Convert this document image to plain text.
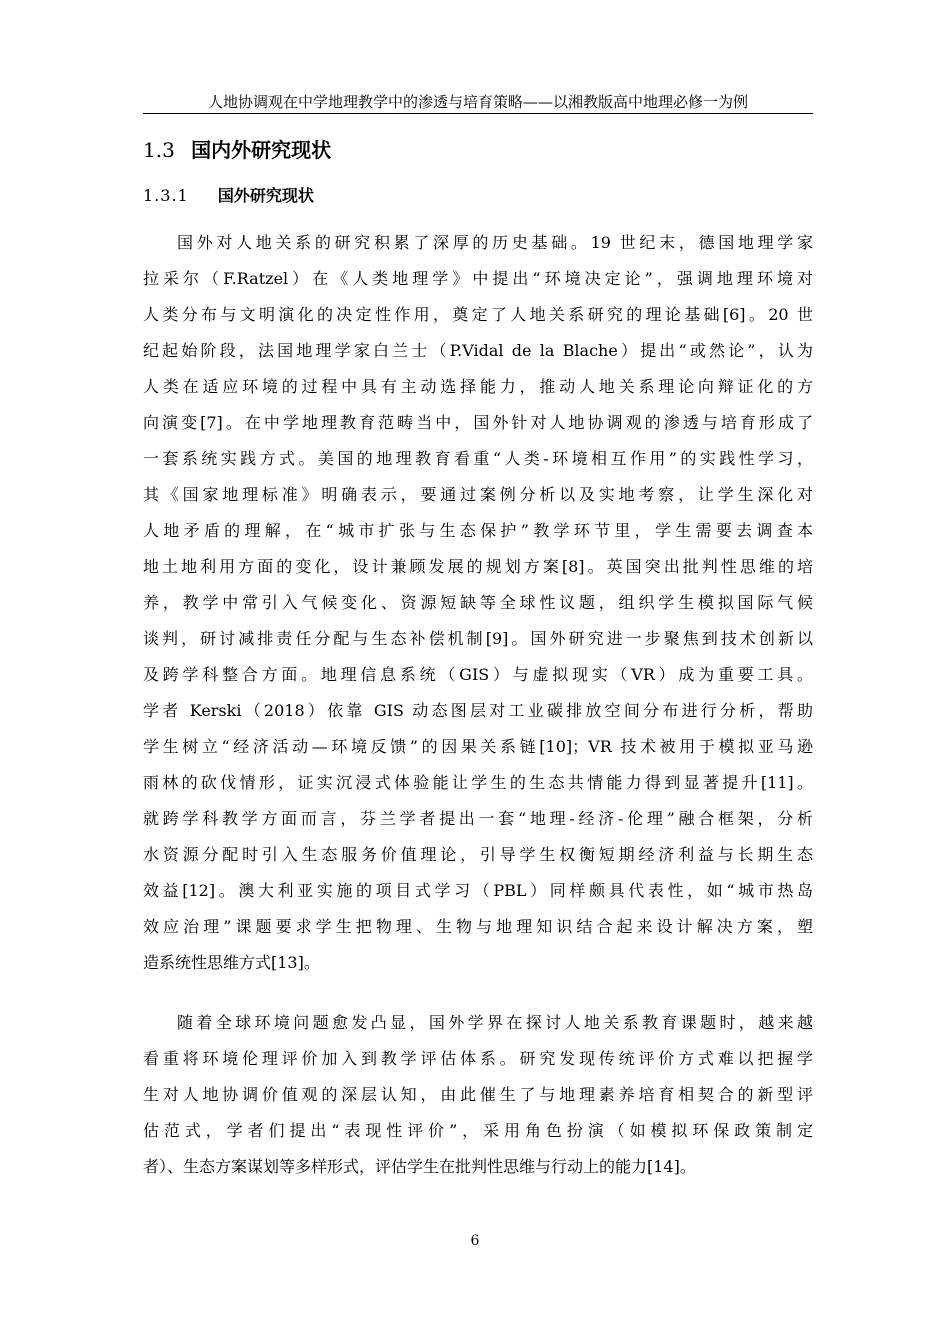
人地协调观在中学地理教学中的渗透与培育策略——以湘教版高中地理必修一为例
1.3 国内外研究现状
1.3.1 国外研究现状
国外对人地关系的研究积累了深厚的历史基础。19 世纪末，德国地理学家
拉采尔（F.Ratzel）在《人类地理学》中提出“环境决定论”，强调地理环境对
人类分布与文明演化的决定性作用，奠定了人地关系研究的理论基础[6]。20 世
纪起始阶段，法国地理学家白兰士（P.Vidal de la Blache）提出“或然论”，认为
人类在适应环境的过程中具有主动选择能力，推动人地关系理论向辩证化的方
向演变[7]。在中学地理教育范畴当中，国外针对人地协调观的渗透与培育形成了
一套系统实践方式。美国的地理教育看重“人类-环境相互作用”的实践性学习，
其《国家地理标准》明确表示，要通过案例分析以及实地考察，让学生深化对
人地矛盾的理解，在“城市扩张与生态保护”教学环节里，学生需要去调查本
地土地利用方面的变化，设计兼顾发展的规划方案[8]。英国突出批判性思维的培
养，教学中常引入气候变化、资源短缺等全球性议题，组织学生模拟国际气候
谈判，研讨减排责任分配与生态补偿机制[9]。国外研究进一步聚焦到技术创新以
及跨学科整合方面。地理信息系统（GIS）与虚拟现实（VR）成为重要工具。
学者 Kerski（2018）依靠 GIS 动态图层对工业碳排放空间分布进行分析，帮助
学生树立“经济活动—环境反馈”的因果关系链[10]；VR 技术被用于模拟亚马逊
雨林的砍伐情形，证实沉浸式体验能让学生的生态共情能力得到显著提升[11]。
就跨学科教学方面而言，芬兰学者提出一套“地理-经济-伦理”融合框架，分析
水资源分配时引入生态服务价值理论，引导学生权衡短期经济利益与长期生态
效益[12]。澳大利亚实施的项目式学习（PBL）同样颇具代表性，如“城市热岛
效应治理”课题要求学生把物理、生物与地理知识结合起来设计解决方案，塑
造系统性思维方式[13]。
随着全球环境问题愈发凸显，国外学界在探讨人地关系教育课题时，越来越
看重将环境伦理评价加入到教学评估体系。研究发现传统评价方式难以把握学
生对人地协调价值观的深层认知，由此催生了与地理素养培育相契合的新型评
估范式，学者们提出“表现性评价”，采用角色扮演（如模拟环保政策制定
者）、生态方案谋划等多样形式，评估学生在批判性思维与行动上的能力[14]。
6
